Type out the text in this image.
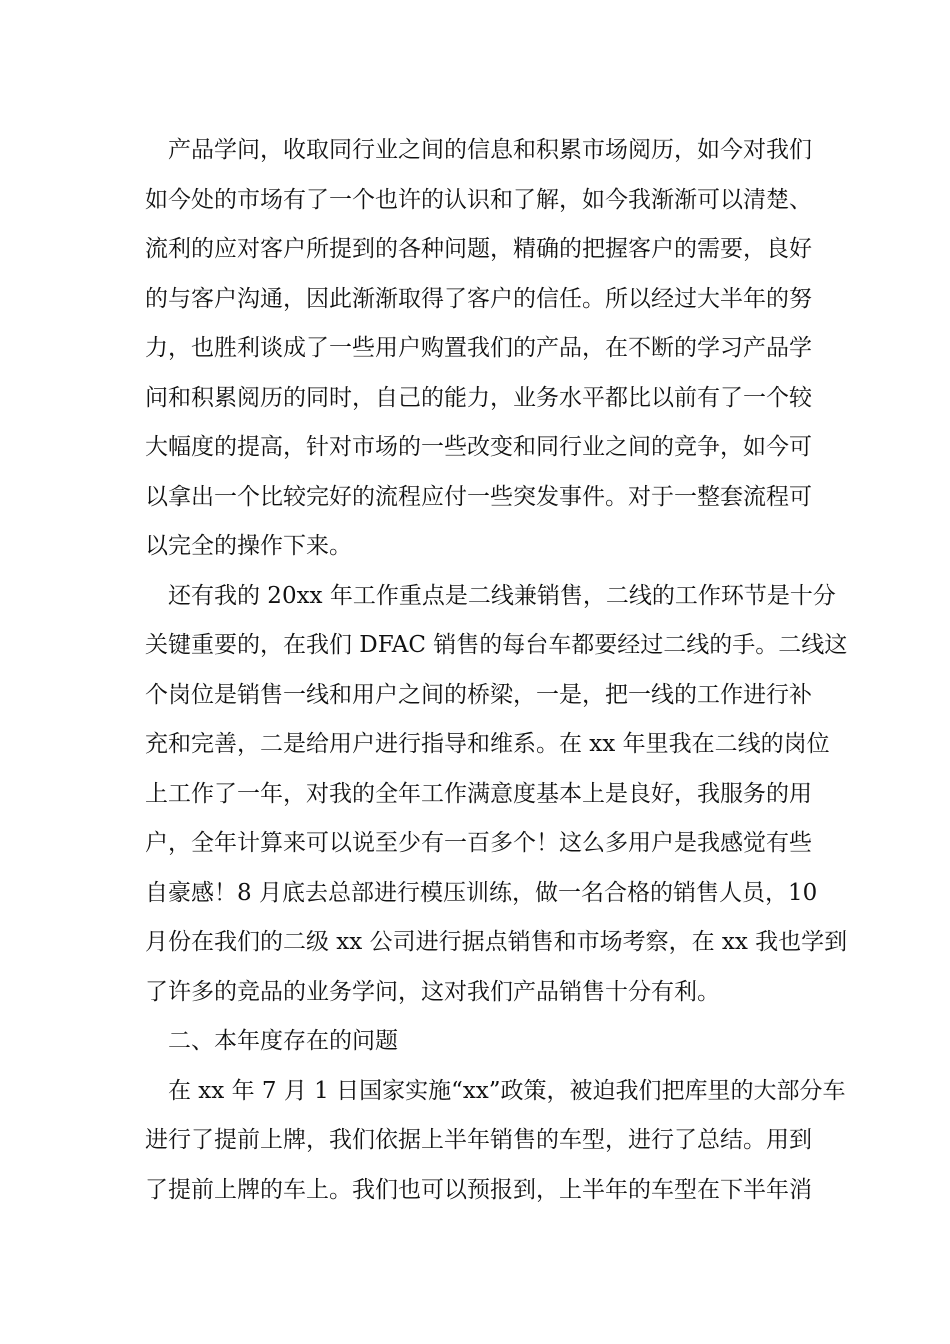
产品学问，收取同行业之间的信息和积累市场阅历，如今对我们
如今处的市场有了一个也许的认识和了解，如今我渐渐可以清楚、
流利的应对客户所提到的各种问题，精确的把握客户的需要，良好
的与客户沟通，因此渐渐取得了客户的信任。所以经过大半年的努
力，也胜利谈成了一些用户购置我们的产品，在不断的学习产品学
问和积累阅历的同时，自己的能力，业务水平都比以前有了一个较
大幅度的提高，针对市场的一些改变和同行业之间的竞争，如今可
以拿出一个比较完好的流程应付一些突发事件。对于一整套流程可
以完全的操作下来。
还有我的 20xx 年工作重点是二线兼销售，二线的工作环节是十分
关键重要的，在我们 DFAC 销售的每台车都要经过二线的手。二线这
个岗位是销售一线和用户之间的桥梁，一是，把一线的工作进行补
充和完善，二是给用户进行指导和维系。在 xx 年里我在二线的岗位
上工作了一年，对我的全年工作满意度基本上是良好，我服务的用
户，全年计算来可以说至少有一百多个！这么多用户是我感觉有些
自豪感！8 月底去总部进行模压训练，做一名合格的销售人员，10
月份在我们的二级 xx 公司进行据点销售和市场考察，在 xx 我也学到
了许多的竞品的业务学问，这对我们产品销售十分有利。
二、本年度存在的问题
在 xx 年 7 月 1 日国家实施“xx”政策，被迫我们把库里的大部分车
进行了提前上牌，我们依据上半年销售的车型，进行了总结。用到
了提前上牌的车上。我们也可以预报到，上半年的车型在下半年消
